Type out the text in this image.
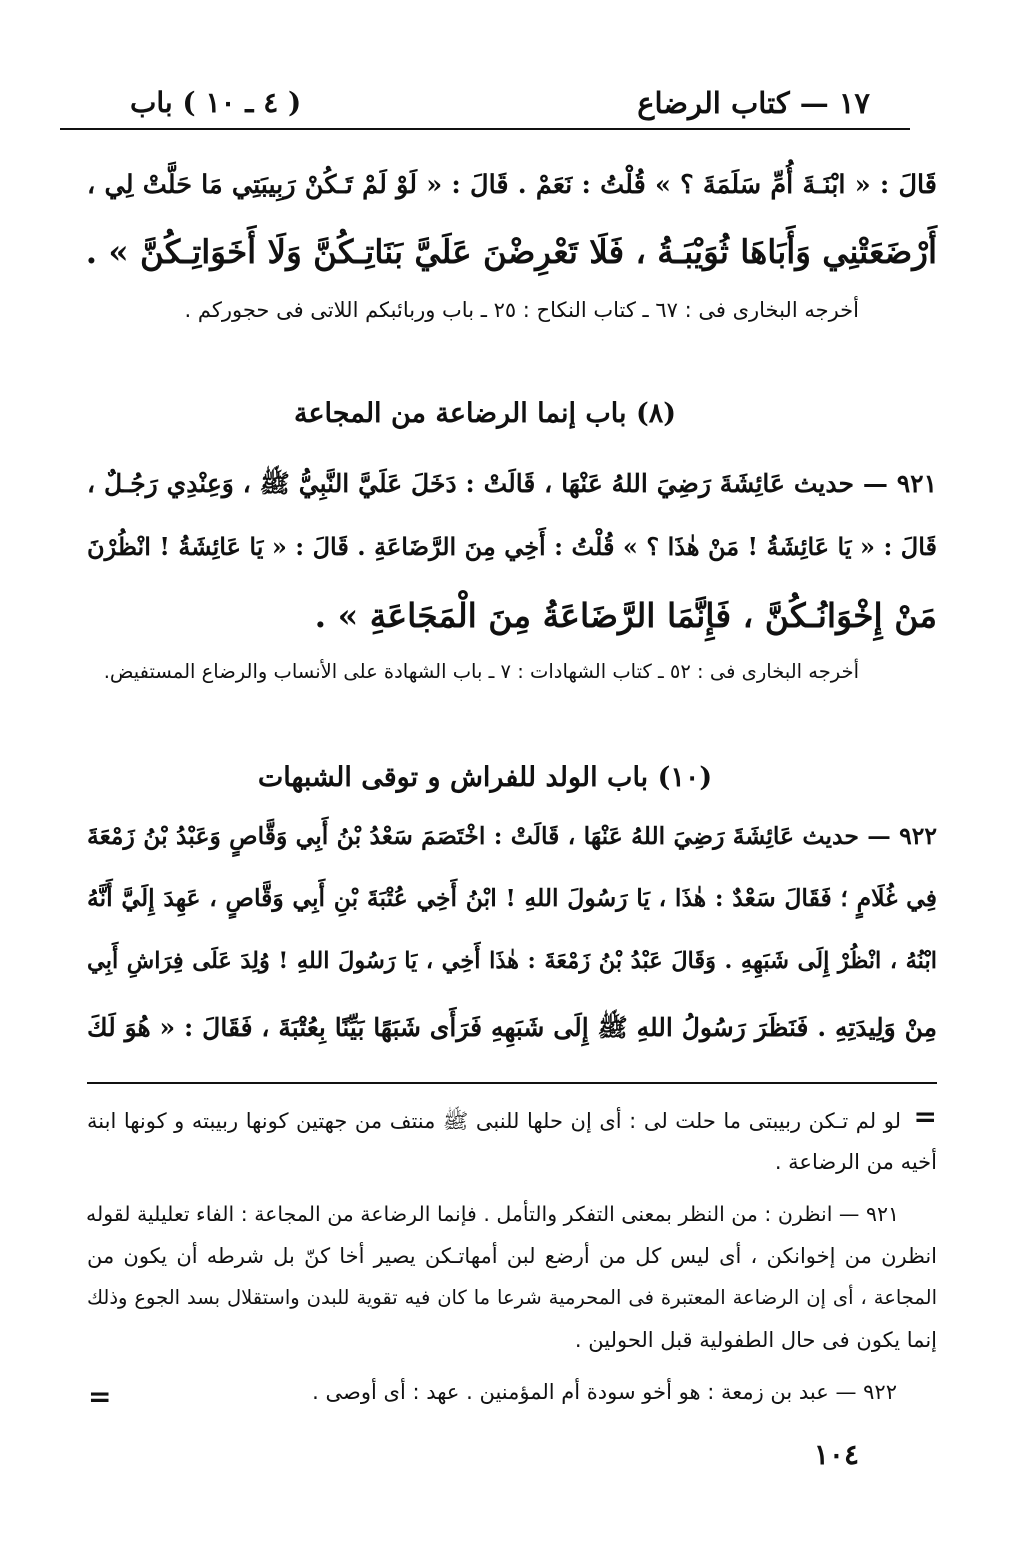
١٧ — كتاب الرضاع
( ٤ ـ ١٠ ) باب
قَالَ : « ابْنَـةَ أُمِّ سَلَمَةَ ؟ » قُلْتُ : نَعَمْ . قَالَ : « لَوْ لَمْ تَـكُنْ رَبِيبَتِي مَا حَلَّتْ لِي ،
أَرْضَعَتْنِي وَأَبَاهَا ثُوَيْبَـةُ ، فَلَا تَعْرِضْنَ عَلَيَّ بَنَاتِـكُنَّ وَلَا أَخَوَاتِـكُنَّ » .
أخرجه البخارى فى : ٦٧ ـ كتاب النكاح : ٢٥ ـ باب وربائبكم اللاتى فى حجوركم .
(٨) باب إنما الرضاعة من المجاعة
٩٢١ — حديث عَائِشَةَ رَضِيَ اللهُ عَنْهَا ، قَالَتْ : دَخَلَ عَلَيَّ النَّبِيُّ ﷺ ، وَعِنْدِي رَجُـلٌ ،
قَالَ : « يَا عَائِشَةُ ! مَنْ هٰذَا ؟ » قُلْتُ : أَخِي مِنَ الرَّضَاعَةِ . قَالَ : « يَا عَائِشَةُ ! انْظُرْنَ
مَنْ إِخْوَانُـكُنَّ ، فَإِنَّمَا الرَّضَاعَةُ مِنَ الْمَجَاعَةِ » .
أخرجه البخارى فى : ٥٢ ـ كتاب الشهادات : ٧ ـ باب الشهادة على الأنساب والرضاع المستفيض.
(١٠) باب الولد للفراش و توقى الشبهات
٩٢٢ — حديث عَائِشَةَ رَضِيَ اللهُ عَنْهَا ، قَالَتْ : اخْتَصَمَ سَعْدُ بْنُ أَبِي وَقَّاصٍ وَعَبْدُ بْنُ زَمْعَةَ
فِي غُلَامٍ ؛ فَقَالَ سَعْدٌ : هٰذَا ، يَا رَسُولَ اللهِ ! ابْنُ أَخِي عُتْبَةَ بْنِ أَبِي وَقَّاصٍ ، عَهِدَ إِلَيَّ أَنَّهُ
ابْنُهُ ، انْظُرْ إِلَى شَبَهِهِ . وَقَالَ عَبْدُ بْنُ زَمْعَةَ : هٰذَا أَخِي ، يَا رَسُولَ اللهِ ! وُلِدَ عَلَى فِرَاشِ أَبِي
مِنْ وَلِيدَتِهِ . فَنَظَرَ رَسُولُ اللهِ ﷺ إِلَى شَبَهِهِ فَرَأَى شَبَهًا بَيِّنًا بِعُتْبَةَ ، فَقَالَ : « هُوَ لَكَ
=
لو لم تـكن ربيبتى ما حلت لى : أى إن حلها للنبى ﷺ منتف من جهتين كونها ربيبته و كونها ابنة
أخيه من الرضاعة .
٩٢١ — انظرن : من النظر بمعنى التفكر والتأمل . فإنما الرضاعة من المجاعة : الفاء تعليلية لقوله
انظرن من إخوانكن ، أى ليس كل من أرضع لبن أمهاتـكن يصير أخا كنّ بل شرطه أن يكون من
المجاعة ، أى إن الرضاعة المعتبرة فى المحرمية شرعا ما كان فيه تقوية للبدن واستقلال بسد الجوع وذلك
إنما يكون فى حال الطفولية قبل الحولين .
٩٢٢ — عبد بن زمعة : هو أخو سودة أم المؤمنين . عهد : أى أوصى .
=
١٠٤
